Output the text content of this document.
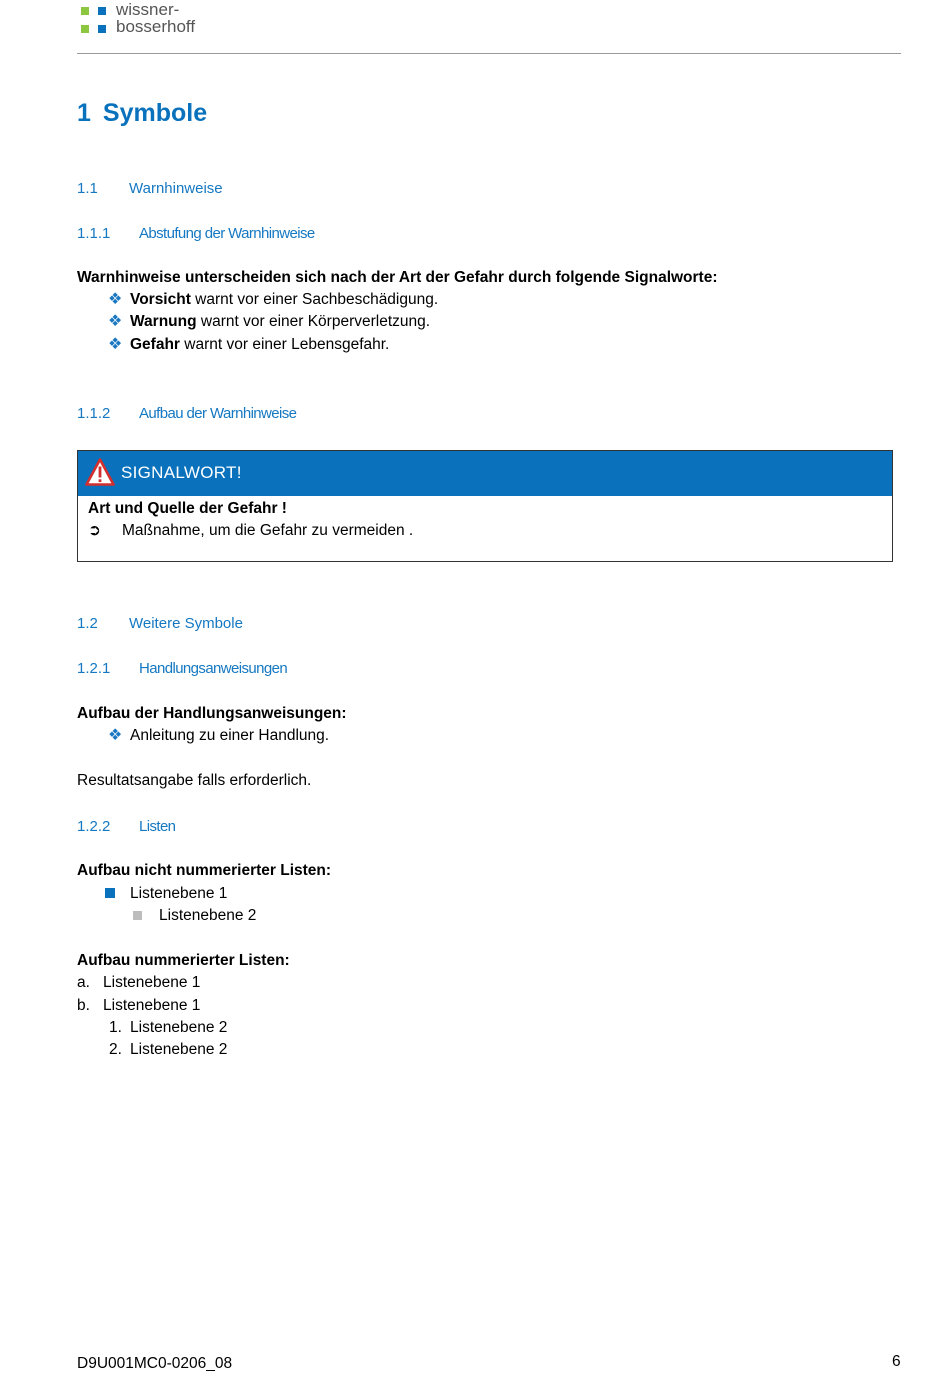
wissner-
bosserhoff
1 Symbole
1.1 Warnhinweise
1.1.1 Abstufung der Warnhinweise
Warnhinweise unterscheiden sich nach der Art der Gefahr durch folgende Signalworte:
❖ Vorsicht warnt vor einer Sachbeschädigung.
❖ Warnung warnt vor einer Körperverletzung.
❖ Gefahr warnt vor einer Lebensgefahr.
1.1.2 Aufbau der Warnhinweise
SIGNALWORT!
Art und Quelle der Gefahr !
➲ Maßnahme, um die Gefahr zu vermeiden .
1.2 Weitere Symbole
1.2.1 Handlungsanweisungen
Aufbau der Handlungsanweisungen:
❖ Anleitung zu einer Handlung.
Resultatsangabe falls erforderlich.
1.2.2 Listen
Aufbau nicht nummerierter Listen:
Listenebene 1
Listenebene 2
Aufbau nummerierter Listen:
a. Listenebene 1
b. Listenebene 1
1. Listenebene 2
2. Listenebene 2
D9U001MC0-0206_08	6
